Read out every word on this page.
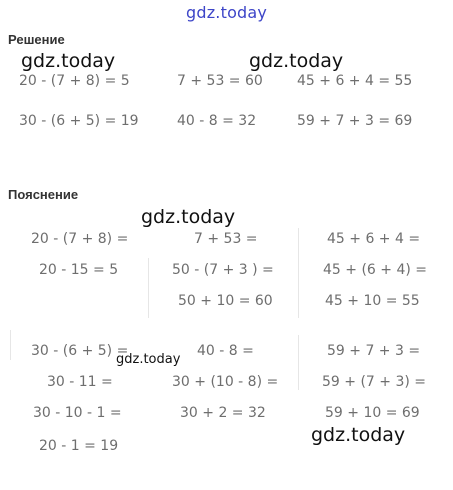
gdz.today
Решение
gdz.today	gdz.today
gdz.today
gdz.today
gdz.today
20 - (7 + 8) = 5
30 - (6 + 5) = 19
7 + 53 = 60
40 - 8 = 32
45 + 6 + 4 = 55
59 + 7 + 3 = 69
Пояснение
20 - (7 + 8) =
20 - 15 = 5
7 + 53 =
50 - (7 + 3 ) =
50 + 10 = 60
45 + 6 + 4 =
45 + (6 + 4) =
45 + 10 = 55
30 - (6 + 5) =
30 - 11 =
30 - 10 - 1 =
20 - 1 = 19
40 - 8 =
30 + (10 - 8) =
30 + 2 = 32
59 + 7 + 3 =
59 + (7 + 3) =
59 + 10 = 69
